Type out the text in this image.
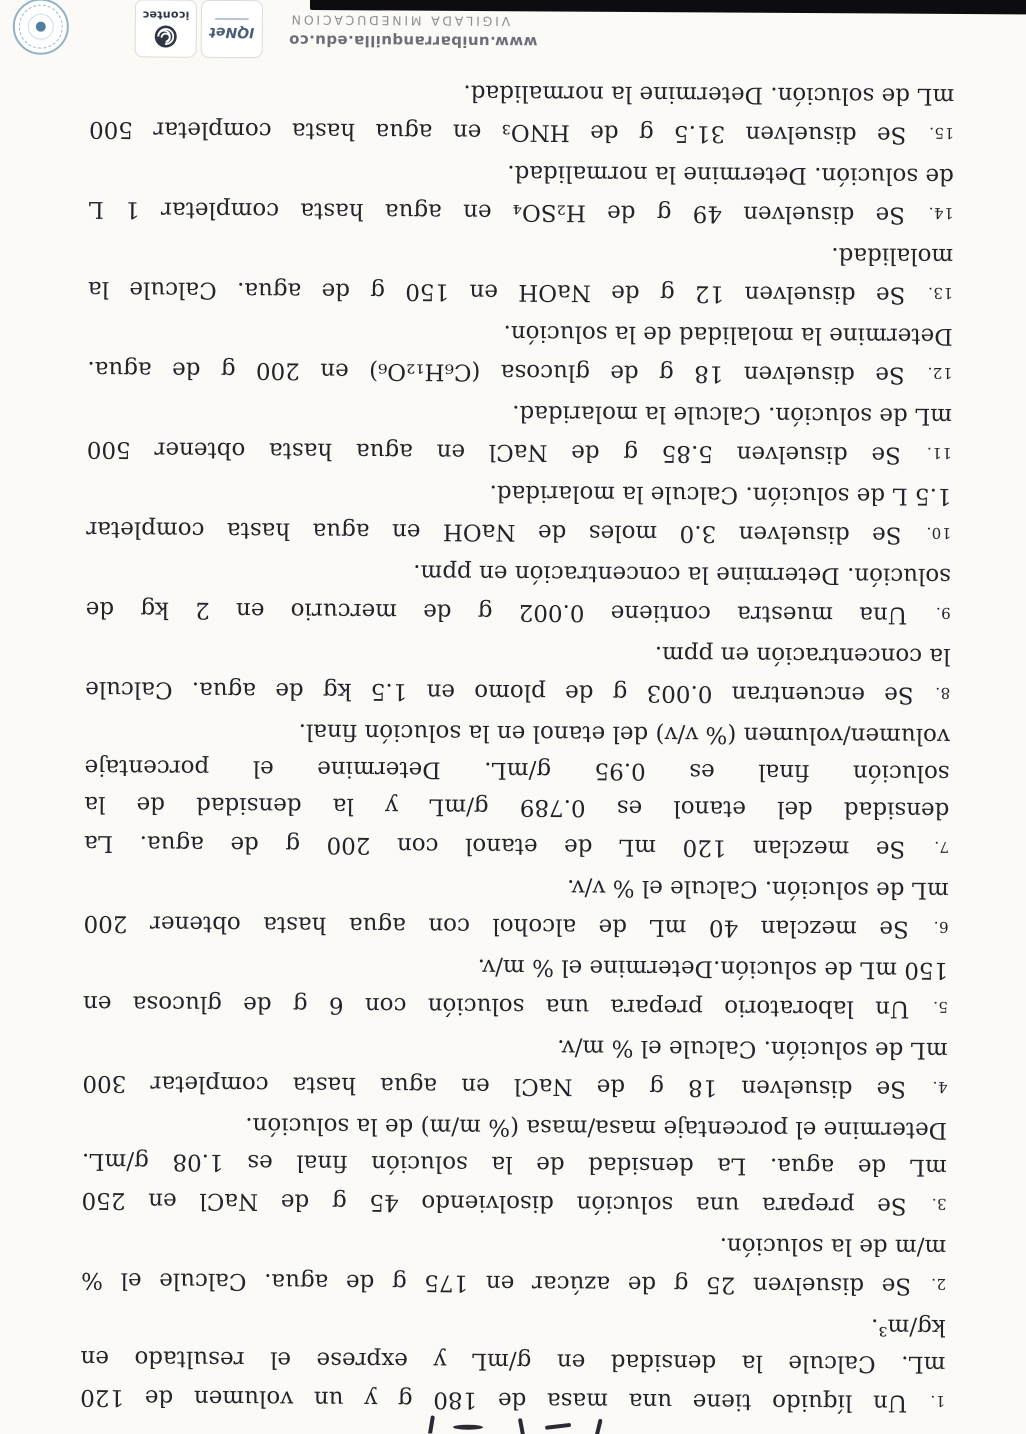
1. Un líquido tiene una masa de 180 g y un volumen de 120
mL. Calcule la densidad en g/mL y exprese el resultado en
kg/m³.
2. Se disuelven 25 g de azúcar en 175 g de agua. Calcule el %
m/m de la solución.
3. Se prepara una solución disolviendo 45 g de NaCl en 250
mL de agua. La densidad de la solución final es 1.08 g/mL.
Determine el porcentaje masa/masa (% m/m) de la solución.
4. Se disuelven 18 g de NaCl en agua hasta completar 300
mL de solución. Calcule el % m/v.
5. Un laboratorio prepara una solución con 6 g de glucosa en
150 mL de solución.Determine el % m/v.
6. Se mezclan 40 mL de alcohol con agua hasta obtener 200
mL de solución. Calcule el % v/v.
7. Se mezclan 120 mL de etanol con 200 g de agua. La
densidad del etanol es 0.789 g/mL y la densidad de la
solución final es 0.95 g/mL. Determine el porcentaje
volumen/volumen (% v/v) del etanol en la solución final.
8. Se encuentran 0.003 g de plomo en 1.5 kg de agua. Calcule
la concentración en ppm.
9. Una muestra contiene 0.002 g de mercurio en 2 kg de
solución. Determine la concentración en ppm.
10. Se disuelven 3.0 moles de NaOH en agua hasta completar
1.5 L de solución. Calcule la molaridad.
11. Se disuelven 5.85 g de NaCl en agua hasta obtener 500
mL de solución. Calcule la molaridad.
12. Se disuelven 18 g de glucosa (C₆H₁₂O₆) en 200 g de agua.
Determine la molalidad de la solución.
13. Se disuelven 12 g de NaOH en 150 g de agua. Calcule la
molalidad.
14. Se disuelven 49 g de H₂SO₄ en agua hasta completar 1 L
de solución. Determine la normalidad.
15. Se disuelven 31.5 g de HNO₃ en agua hasta completar 500
mL de solución. Determine la normalidad.
www.unibarranquilla.edu.co
VIGILADA MINEDUCACION
IQNet
icontec
